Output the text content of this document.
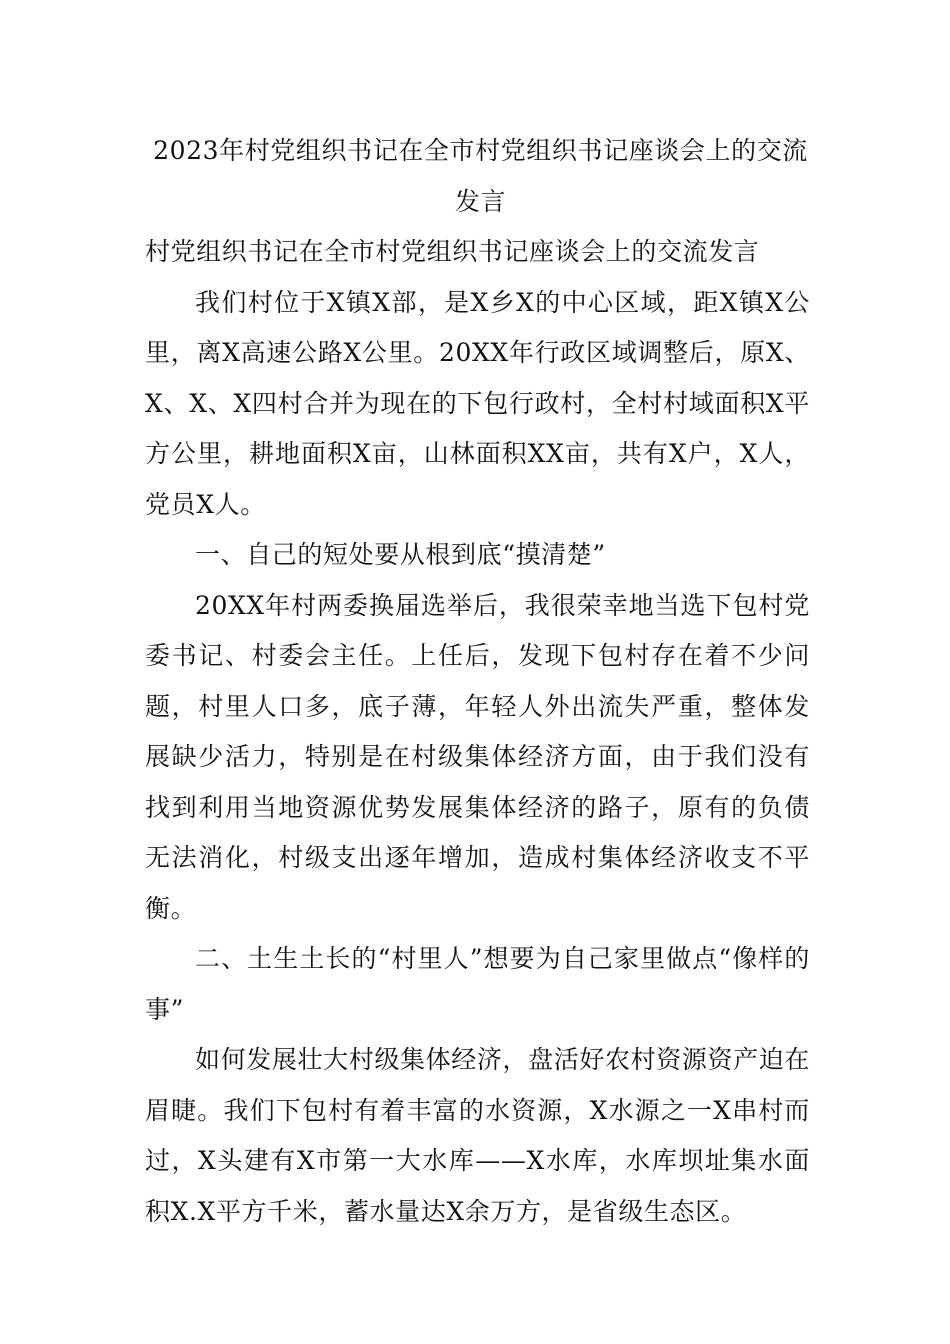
2023年村党组织书记在全市村党组织书记座谈会上的交流发言
村党组织书记在全市村党组织书记座谈会上的交流发言

我们村位于X镇X部，是X乡X的中心区域，距X镇X公里，离X高速公路X公里。20XX年行政区域调整后，原X、X、X、X四村合并为现在的下包行政村，全村村域面积X平方公里，耕地面积X亩，山林面积XX亩，共有X户，X人，党员X人。

一、自己的短处要从根到底“摸清楚”

20XX年村两委换届选举后，我很荣幸地当选下包村党委书记、村委会主任。上任后，发现下包村存在着不少问题，村里人口多，底子薄，年轻人外出流失严重，整体发展缺少活力，特别是在村级集体经济方面，由于我们没有找到利用当地资源优势发展集体经济的路子，原有的负债无法消化，村级支出逐年增加，造成村集体经济收支不平衡。

二、土生土长的“村里人”想要为自己家里做点“像样的事”

如何发展壮大村级集体经济，盘活好农村资源资产迫在眉睫。我们下包村有着丰富的水资源，X水源之一X串村而过，X头建有X市第一大水库——X水库，水库坝址集水面积X.X平方千米，蓄水量达X余万方，是省级生态区。
